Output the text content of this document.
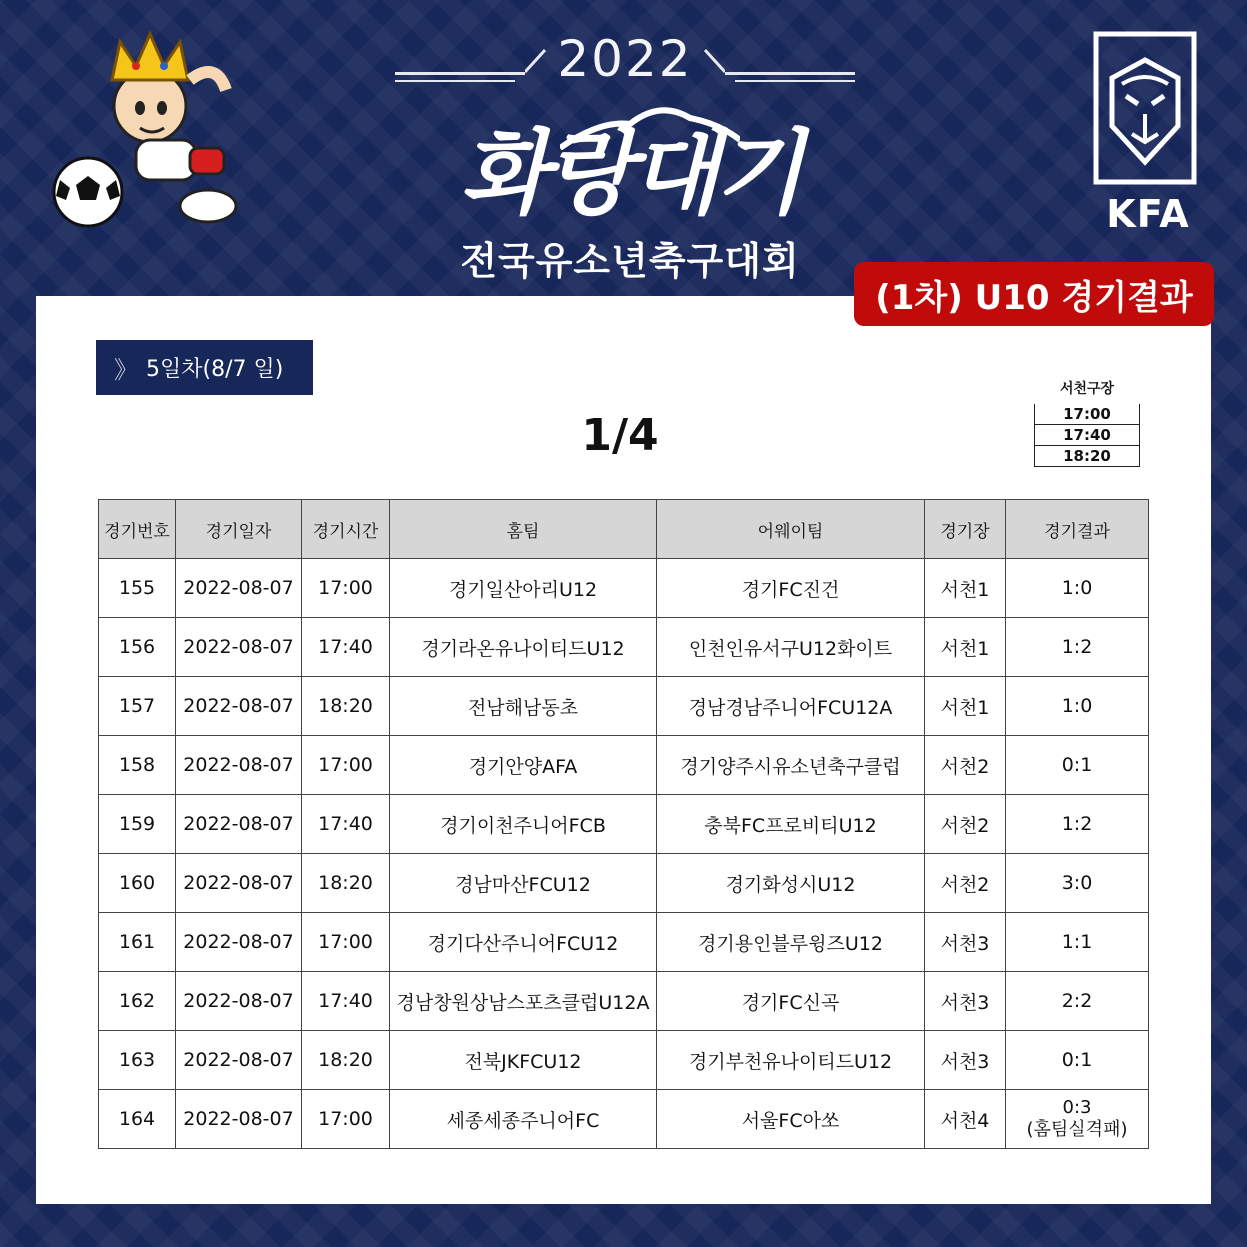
2022
화랑대기
전국유소년축구대회
KFA
(1차) U10 경기결과
》 5일차(8/7 일)
1/4
서천구장
17:00
17:40
18:20
경기번호	경기일자	경기시간	홈팀	어웨이팀	경기장	경기결과
155	2022-08-07	17:00	경기일산아리U12	경기FC진건	서천1	1:0
156	2022-08-07	17:40	경기라온유나이티드U12	인천인유서구U12화이트	서천1	1:2
157	2022-08-07	18:20	전남해남동초	경남경남주니어FCU12A	서천1	1:0
158	2022-08-07	17:00	경기안양AFA	경기양주시유소년축구클럽	서천2	0:1
159	2022-08-07	17:40	경기이천주니어FCB	충북FC프로비티U12	서천2	1:2
160	2022-08-07	18:20	경남마산FCU12	경기화성시U12	서천2	3:0
161	2022-08-07	17:00	경기다산주니어FCU12	경기용인블루윙즈U12	서천3	1:1
162	2022-08-07	17:40	경남창원상남스포츠클럽U12A	경기FC신곡	서천3	2:2
163	2022-08-07	18:20	전북JKFCU12	경기부천유나이티드U12	서천3	0:1
164	2022-08-07	17:00	세종세종주니어FC	서울FC아쏘	서천4	0:3
(홈팀실격패)
